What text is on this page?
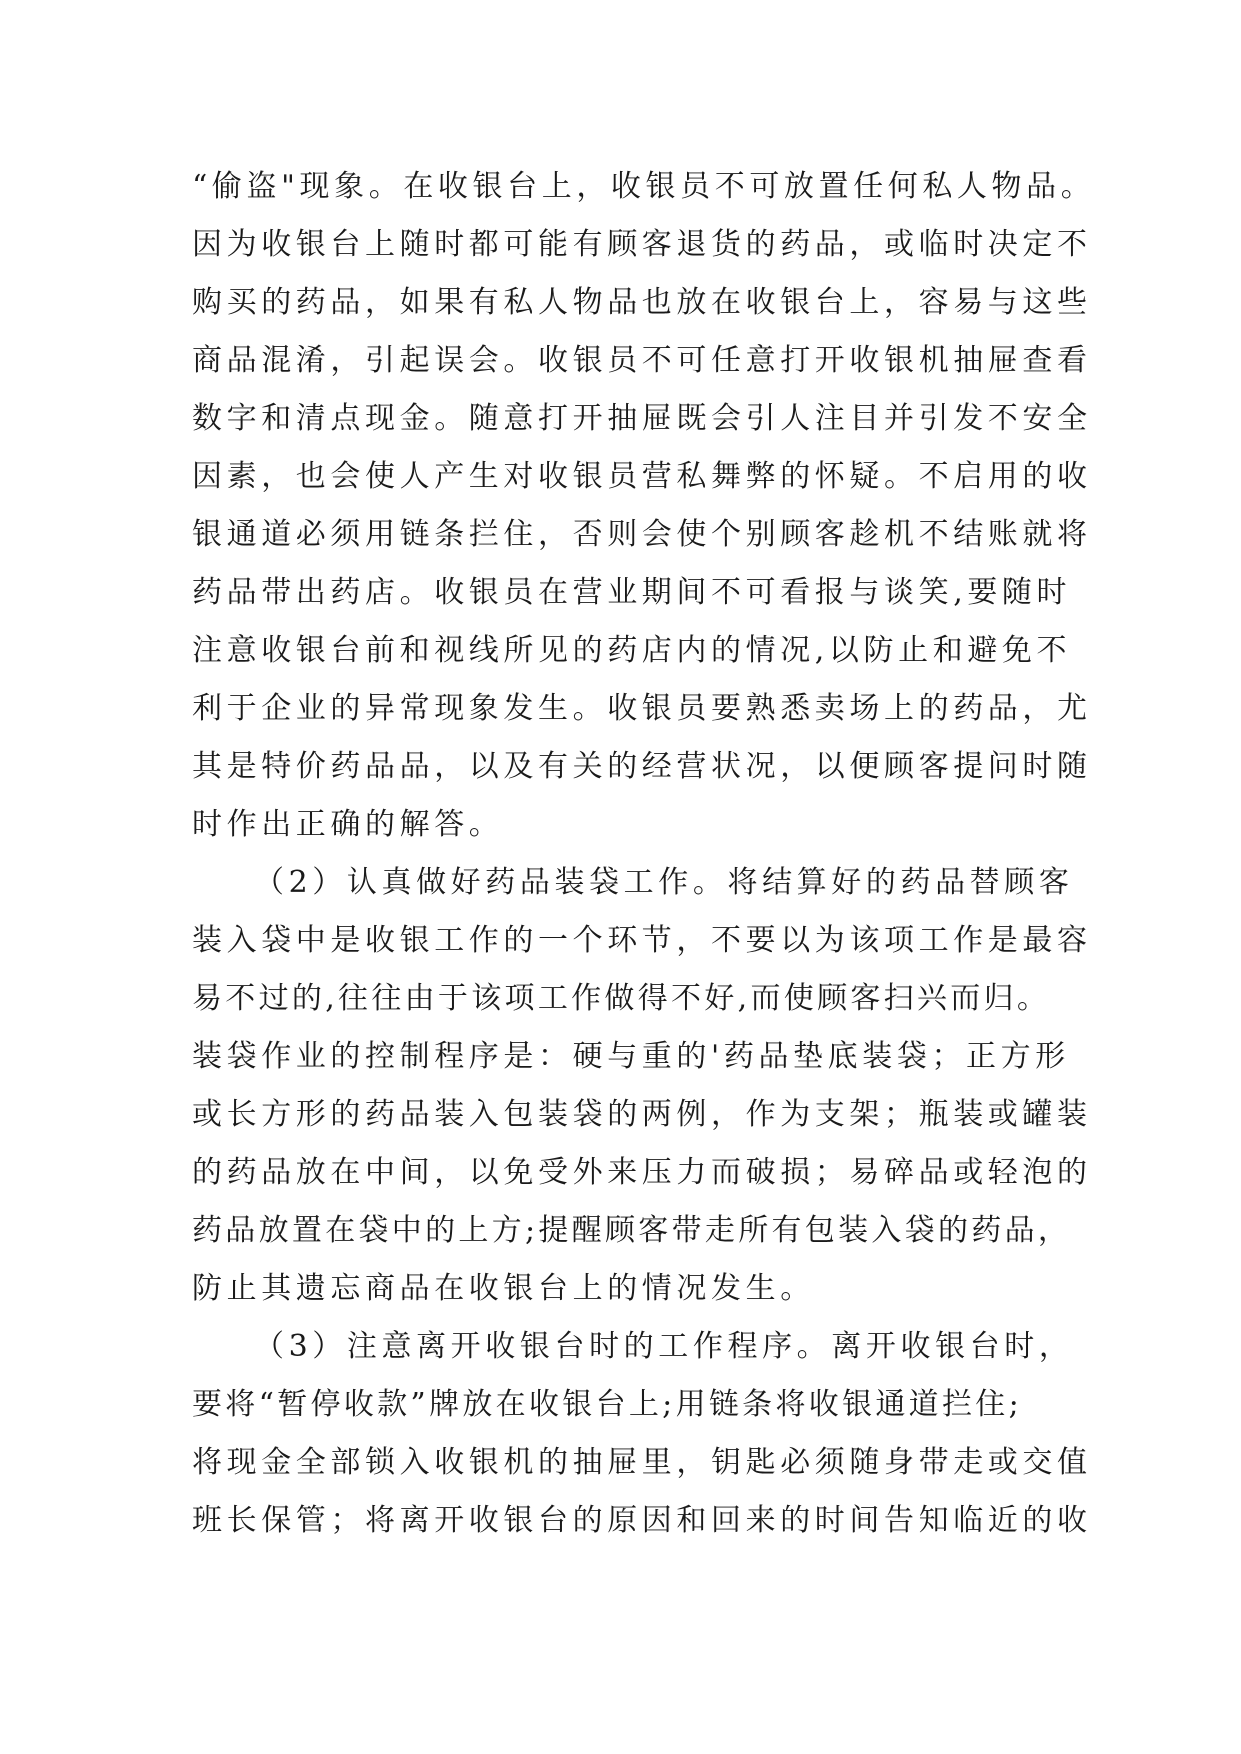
“偷盗"现象。在收银台上，收银员不可放置任何私人物品。
因为收银台上随时都可能有顾客退货的药品，或临时决定不
购买的药品，如果有私人物品也放在收银台上，容易与这些
商品混淆，引起误会。收银员不可任意打开收银机抽屉查看
数字和清点现金。随意打开抽屉既会引人注目并引发不安全
因素，也会使人产生对收银员营私舞弊的怀疑。不启用的收
银通道必须用链条拦住，否则会使个别顾客趁机不结账就将
药品带出药店。收银员在营业期间不可看报与谈笑,要随时
注意收银台前和视线所见的药店内的情况,以防止和避免不
利于企业的异常现象发生。收银员要熟悉卖场上的药品，尤
其是特价药品品，以及有关的经营状况，以便顾客提问时随
时作出正确的解答。
（2）认真做好药品装袋工作。将结算好的药品替顾客
装入袋中是收银工作的一个环节，不要以为该项工作是最容
易不过的,往往由于该项工作做得不好,而使顾客扫兴而归。
装袋作业的控制程序是：硬与重的'药品垫底装袋；正方形
或长方形的药品装入包装袋的两例，作为支架；瓶装或罐装
的药品放在中间，以免受外来压力而破损；易碎品或轻泡的
药品放置在袋中的上方;提醒顾客带走所有包装入袋的药品，
防止其遗忘商品在收银台上的情况发生。
（3）注意离开收银台时的工作程序。离开收银台时，
要将“暂停收款”牌放在收银台上;用链条将收银通道拦住;
将现金全部锁入收银机的抽屉里，钥匙必须随身带走或交值
班长保管；将离开收银台的原因和回来的时间告知临近的收
